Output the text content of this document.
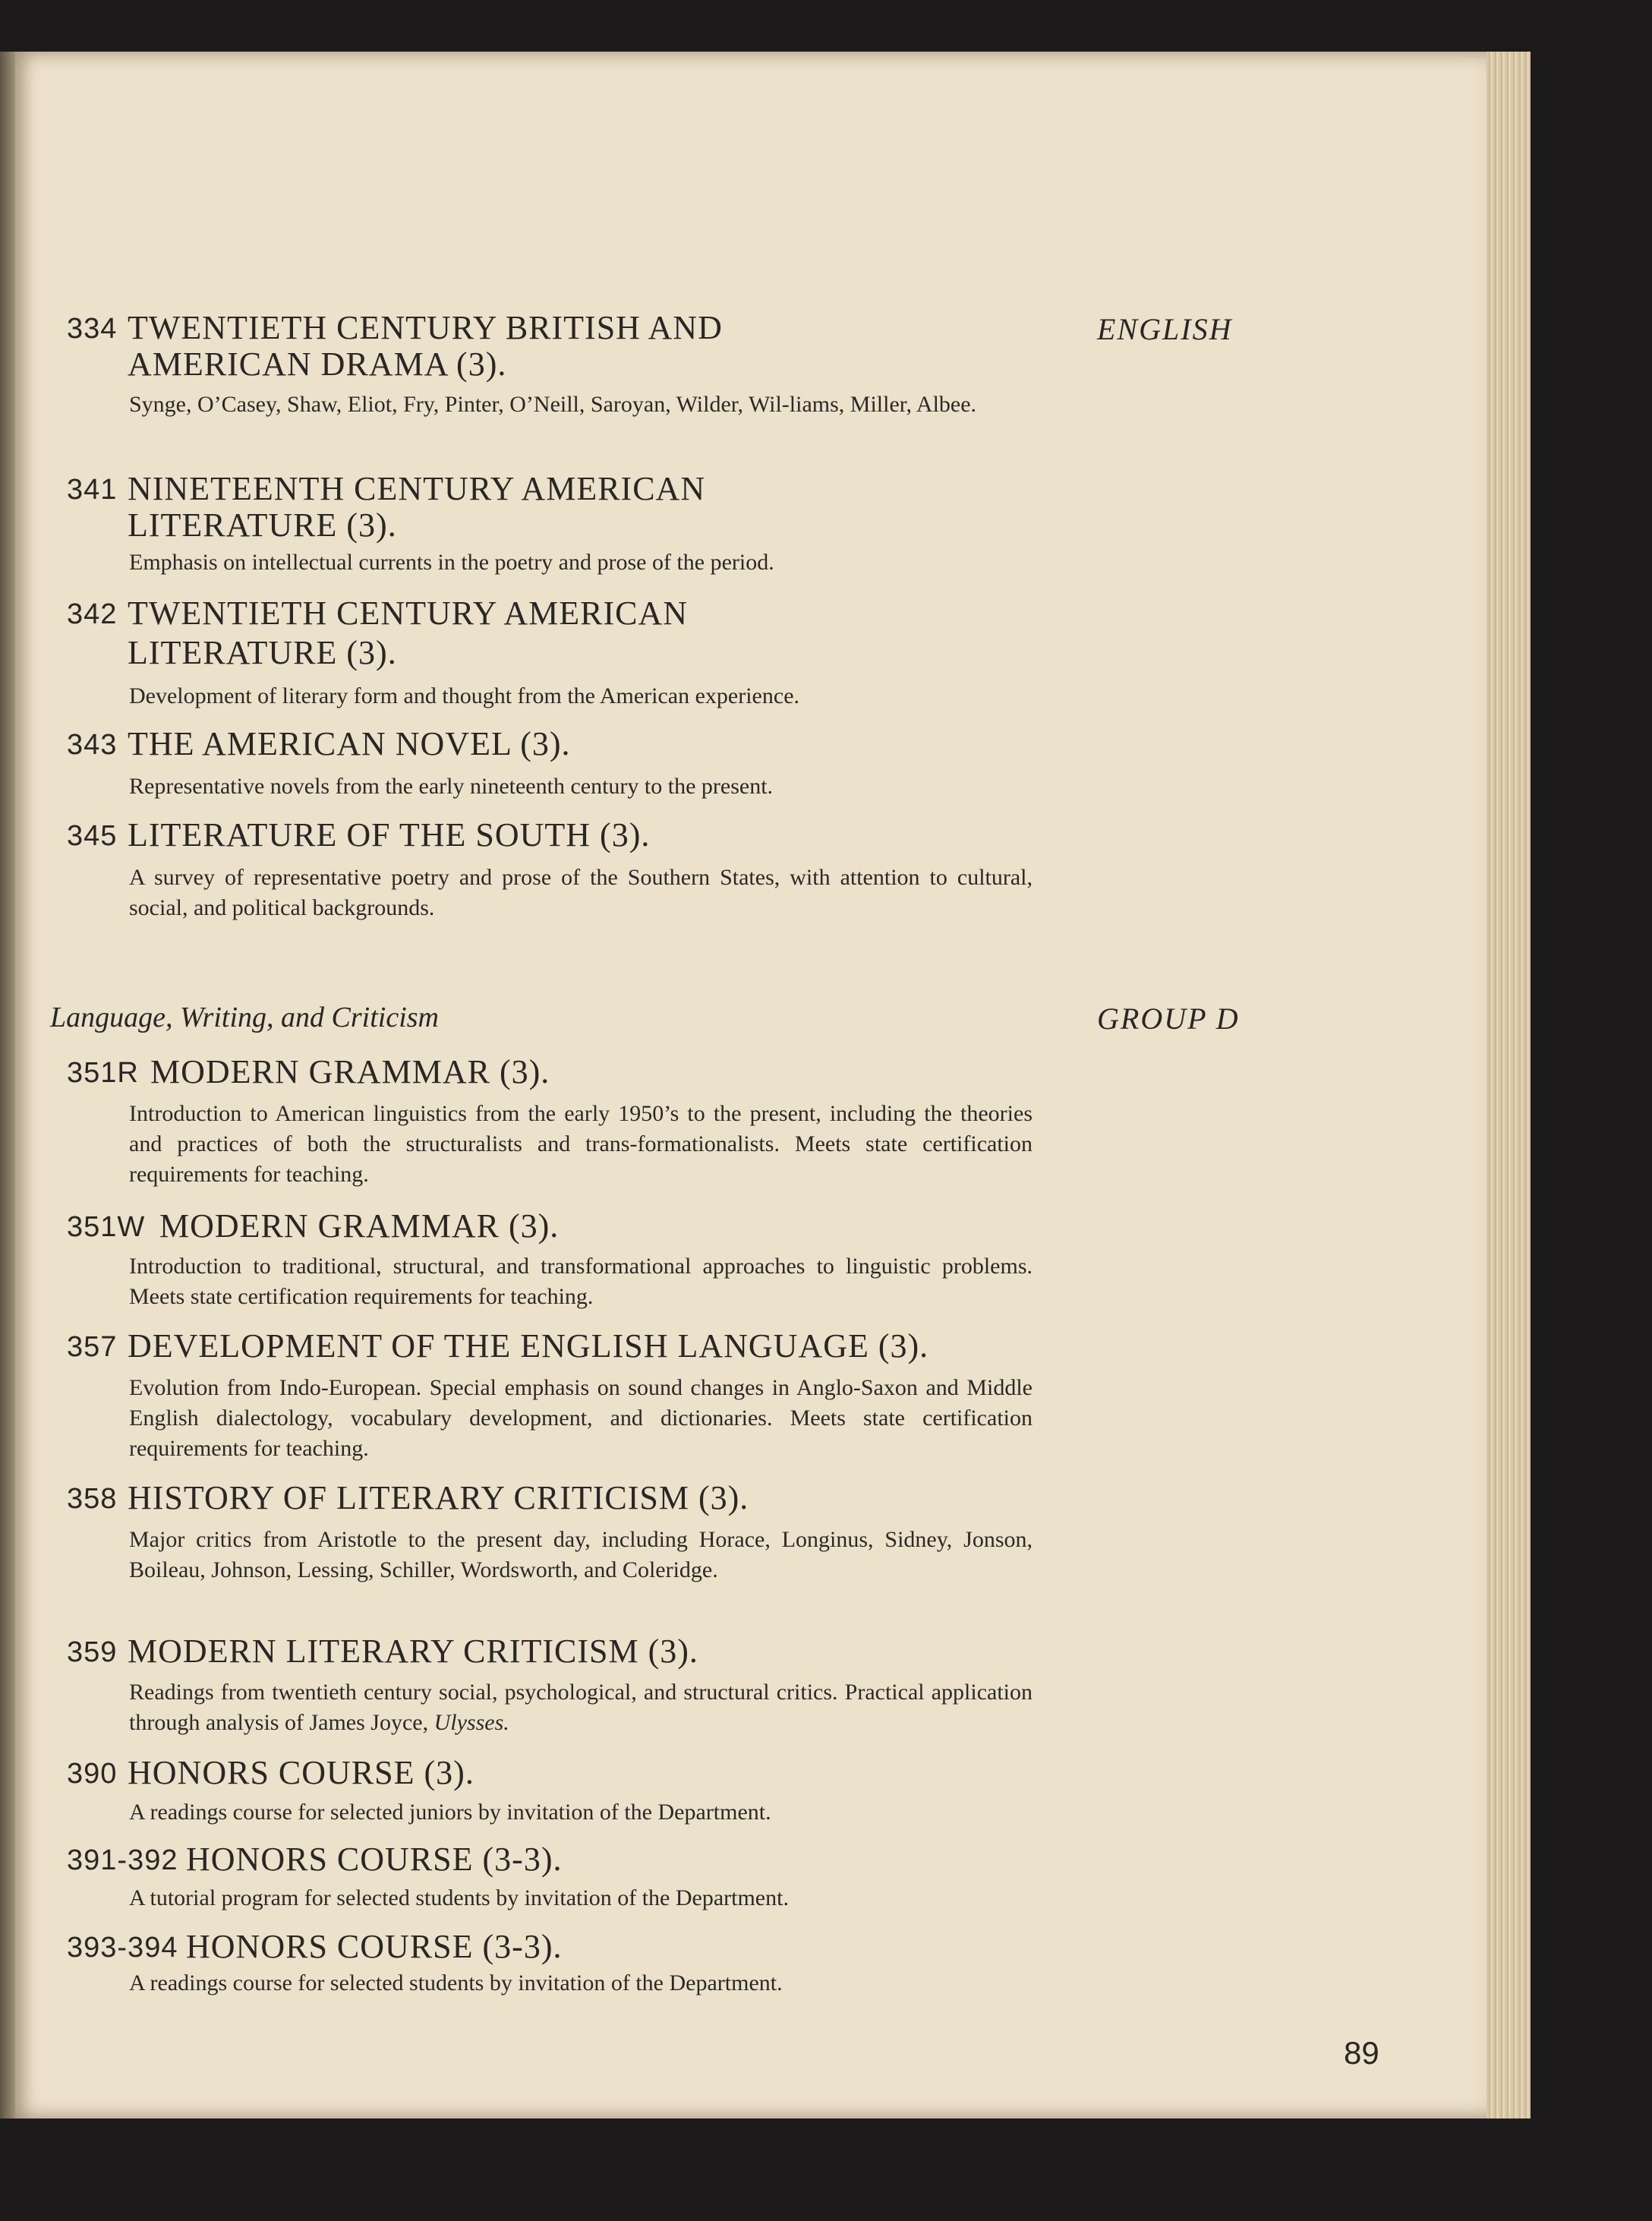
ENGLISH
GROUP D
334 TWENTIETH CENTURY BRITISH AND
AMERICAN DRAMA (3).
Synge, O’Casey, Shaw, Eliot, Fry, Pinter, O’Neill, Saroyan, Wilder, Wil-liams, Miller, Albee.
341 NINETEENTH CENTURY AMERICAN
LITERATURE (3).
Emphasis on intellectual currents in the poetry and prose of the period.
342 TWENTIETH CENTURY AMERICAN
LITERATURE (3).
Development of literary form and thought from the American experience.
343 THE AMERICAN NOVEL (3).
Representative novels from the early nineteenth century to the present.
345 LITERATURE OF THE SOUTH (3).
A survey of representative poetry and prose of the Southern States, with attention to cultural, social, and political backgrounds.
Language, Writing, and Criticism
351R MODERN GRAMMAR (3).
Introduction to American linguistics from the early 1950’s to the present, including the theories and practices of both the structuralists and trans-formationalists. Meets state certification requirements for teaching.
351W MODERN GRAMMAR (3).
Introduction to traditional, structural, and transformational approaches to linguistic problems. Meets state certification requirements for teaching.
357 DEVELOPMENT OF THE ENGLISH LANGUAGE (3).
Evolution from Indo-European. Special emphasis on sound changes in Anglo-Saxon and Middle English dialectology, vocabulary development, and dictionaries. Meets state certification requirements for teaching.
358 HISTORY OF LITERARY CRITICISM (3).
Major critics from Aristotle to the present day, including Horace, Longinus, Sidney, Jonson, Boileau, Johnson, Lessing, Schiller, Wordsworth, and Coleridge.
359 MODERN LITERARY CRITICISM (3).
Readings from twentieth century social, psychological, and structural critics. Practical application through analysis of James Joyce, Ulysses.
390 HONORS COURSE (3).
A readings course for selected juniors by invitation of the Department.
391-392 HONORS COURSE (3-3).
A tutorial program for selected students by invitation of the Department.
393-394 HONORS COURSE (3-3).
A readings course for selected students by invitation of the Department.
89
